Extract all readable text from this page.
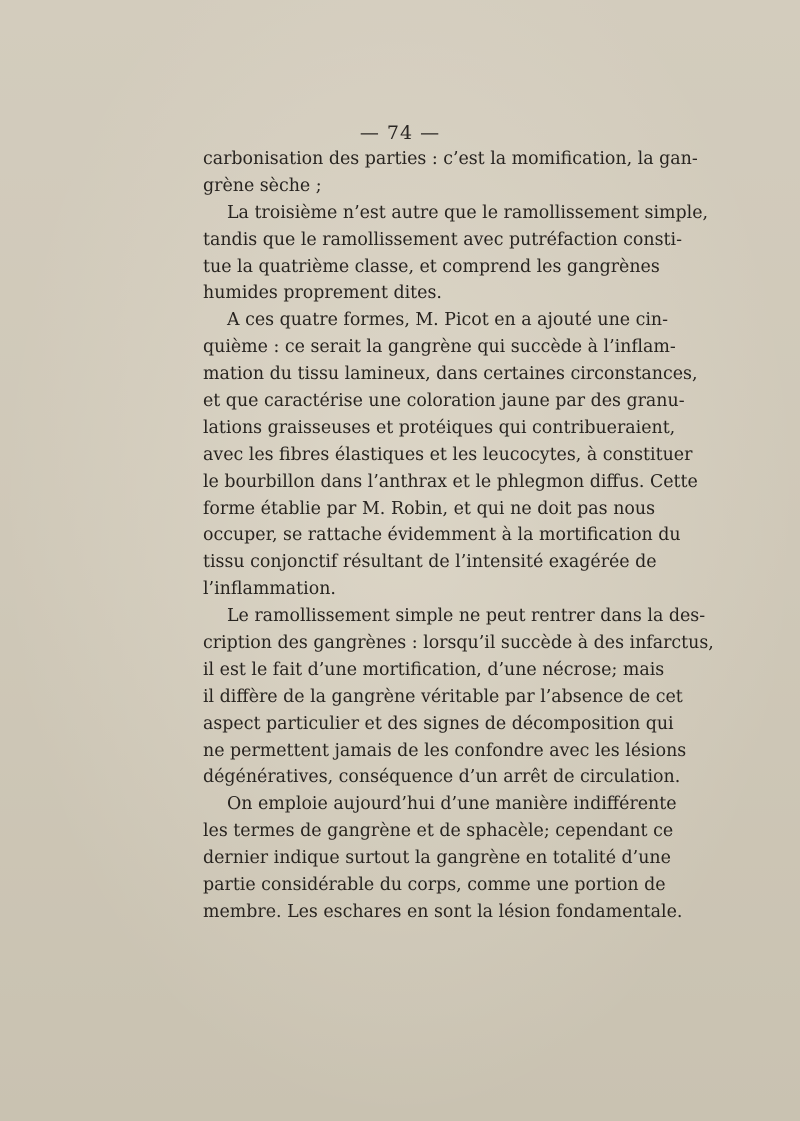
— 74 —
carbonisation des parties : c’est la momification, la gan-
grène sèche ;
La troisième n’est autre que le ramollissement simple,
tandis que le ramollissement avec putréfaction consti-
tue la quatrième classe, et comprend les gangrènes
humides proprement dites.
A ces quatre formes, M. Picot en a ajouté une cin-
quième : ce serait la gangrène qui succède à l’inflam-
mation du tissu lamineux, dans certaines circonstances,
et que caractérise une coloration jaune par des granu-
lations graisseuses et protéiques qui contribueraient,
avec les fibres élastiques et les leucocytes, à constituer
le bourbillon dans l’anthrax et le phlegmon diffus. Cette
forme établie par M. Robin, et qui ne doit pas nous
occuper, se rattache évidemment à la mortification du
tissu conjonctif résultant de l’intensité exagérée de
l’inflammation.
Le ramollissement simple ne peut rentrer dans la des-
cription des gangrènes : lorsqu’il succède à des infarctus,
il est le fait d’une mortification, d’une nécrose; mais
il diffère de la gangrène véritable par l’absence de cet
aspect particulier et des signes de décomposition qui
ne permettent jamais de les confondre avec les lésions
dégénératives, conséquence d’un arrêt de circulation.
On emploie aujourd’hui d’une manière indifférente
les termes de gangrène et de sphacèle; cependant ce
dernier indique surtout la gangrène en totalité d’une
partie considérable du corps, comme une portion de
membre. Les eschares en sont la lésion fondamentale.
